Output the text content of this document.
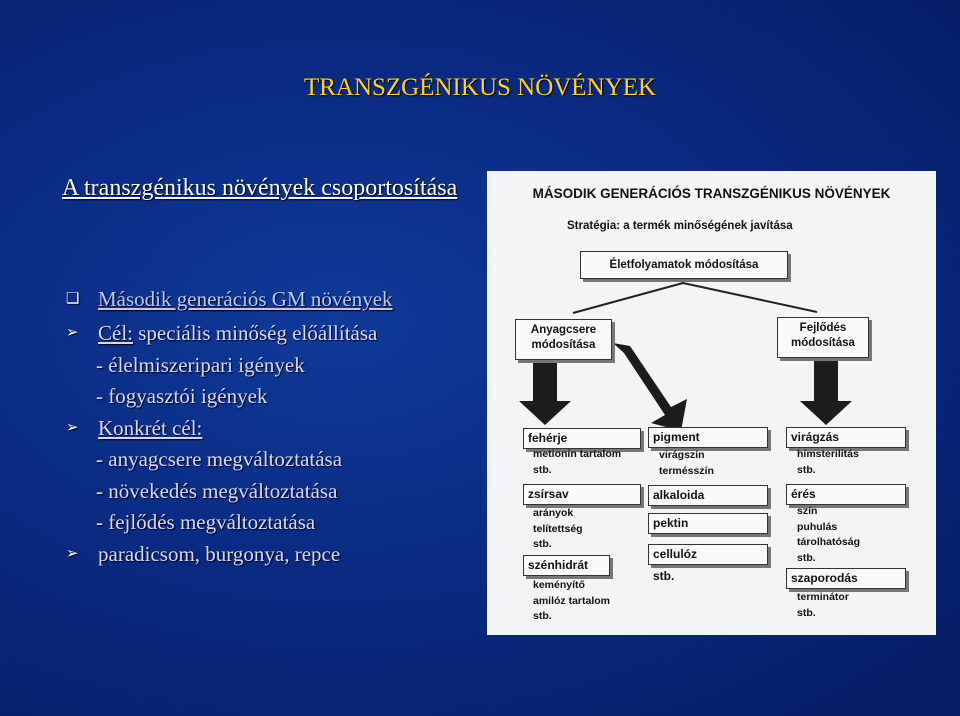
TRANSZGÉNIKUS NÖVÉNYEK
A transzgénikus növények csoportosítása
❑ Második generációs GM növények
➢ Cél: speciális minőség előállítása
- élelmiszeripari igények
- fogyasztói igények
➢ Konkrét cél:
- anyagcsere megváltoztatása
- növekedés megváltoztatása
- fejlődés megváltoztatása
➢ paradicsom, burgonya, repce
MÁSODIK GENERÁCIÓS TRANSZGÉNIKUS NÖVÉNYEK
Stratégia: a termék minőségének javítása
Életfolyamatok módosítása
Anyagcsere
módosítása
Fejlődés
módosítása
fehérje
metionin tartalom
stb.
zsírsav
arányok
telítettség
stb.
szénhidrát
keményítő
amilóz tartalom
stb.
pigment
virágszín
termésszín
alkaloida
pektin
cellulóz
stb.
virágzás
hímsterilitás
stb.
érés
szín
puhulás
tárolhatóság
stb.
szaporodás
terminátor
stb.
